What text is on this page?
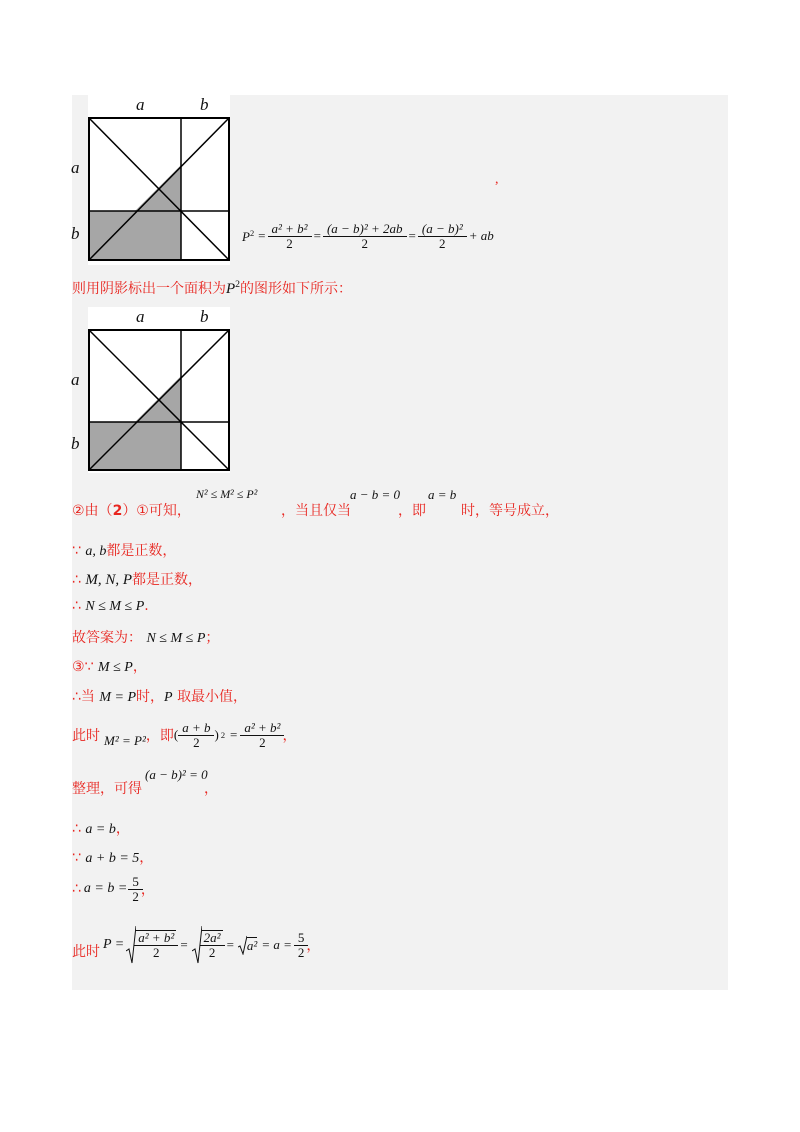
a	b
a
b
,
$P^2 = \frac{\text{a² + b²}}{2} = \frac{\text{(a − b)² + 2ab}}{2} = \frac{\text{(a − b)²}}{2}$ + ab
则用阴影标出一个面积为$P^2$的图形如下所示：
a	b
a
b
②由（2）①可知，
N² ≤ M² ≤ P²
，当且仅当
a − b = 0
，即
a = b
时，等号成立，
∵ a, b都是正数，
∴ M, N, P都是正数，
∴ N ≤ M ≤ P.
故答案为： N ≤ M ≤ P；
③∵ M ≤ P，
∴当 M = P时，P 取最小值，
此时 M² = P² ，即 ( $\frac{a + b}{2}$ ) $2 = \frac{\text{a² + b²}}{2}$ ，
整理，可得
(a − b)² = 0
，
∴ a = b，
∵ a + b = 5，
∴ $a = b = \frac{5}{2}$ ，
此时 $P = \frac{\text{a² + b²}}{2} = \frac{\text{2a²}}{2} = a^2 = a = \frac{5}{2}$ ，
